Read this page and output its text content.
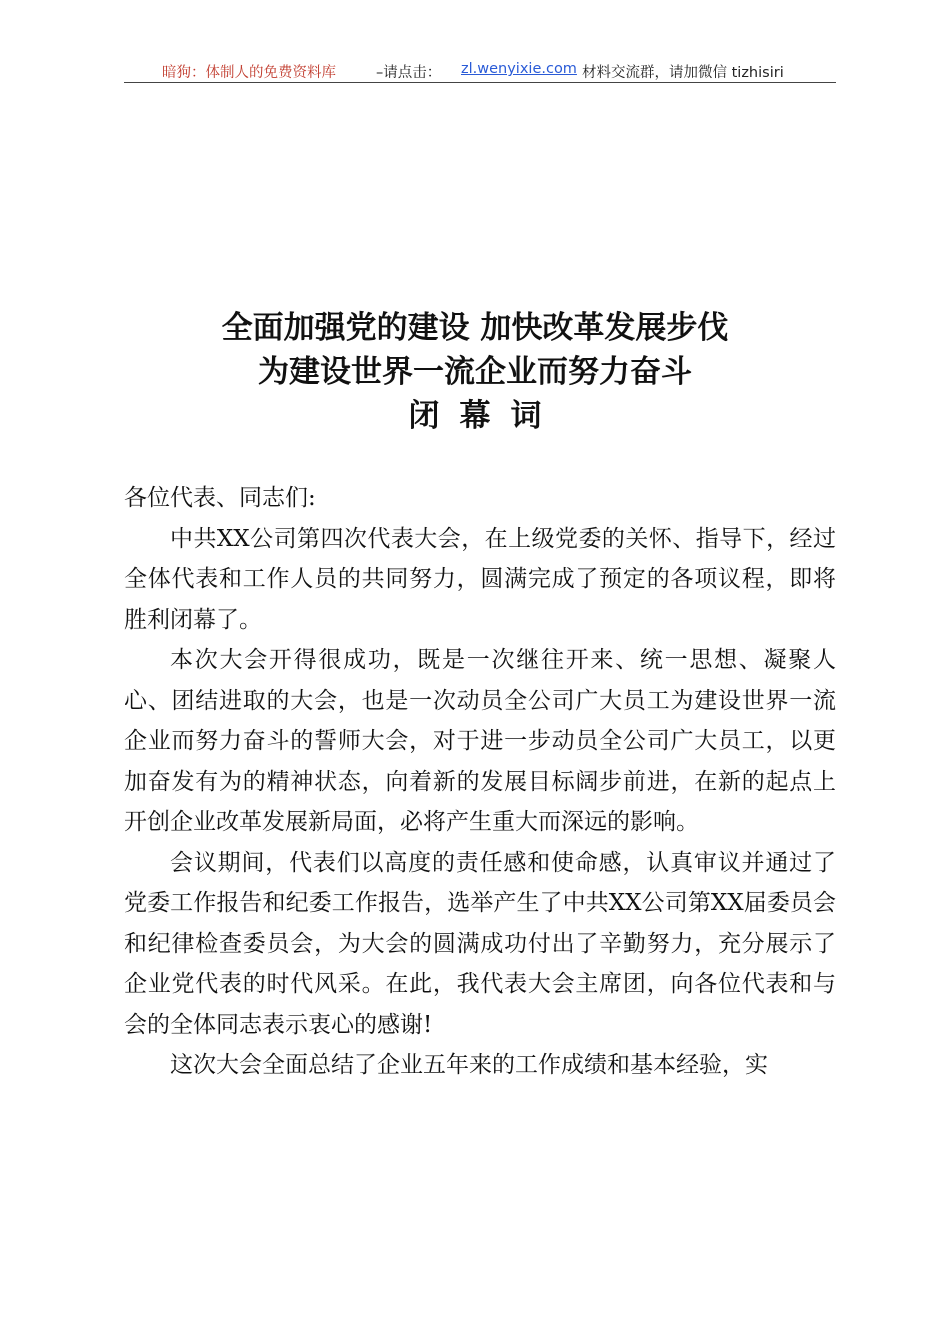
暗狗：体制人的免费资料库	–请点击： zl.wenyixie.com 材料交流群，请加微信 tizhisiri
全面加强党的建设 加快改革发展步伐
为建设世界一流企业而努力奋斗
闭幕词

各位代表、同志们:

中共XX公司第四次代表大会，在上级党委的关怀、指导下，经过全体代表和工作人员的共同努力，圆满完成了预定的各项议程，即将胜利闭幕了。

本次大会开得很成功，既是一次继往开来、统一思想、凝聚人心、团结进取的大会，也是一次动员全公司广大员工为建设世界一流企业而努力奋斗的誓师大会，对于进一步动员全公司广大员工，以更加奋发有为的精神状态，向着新的发展目标阔步前进，在新的起点上开创企业改革发展新局面，必将产生重大而深远的影响。

会议期间，代表们以高度的责任感和使命感，认真审议并通过了党委工作报告和纪委工作报告，选举产生了中共XX公司第XX届委员会和纪律检查委员会，为大会的圆满成功付出了辛勤努力，充分展示了企业党代表的时代风采。在此，我代表大会主席团，向各位代表和与会的全体同志表示衷心的感谢!

这次大会全面总结了企业五年来的工作成绩和基本经验，实
